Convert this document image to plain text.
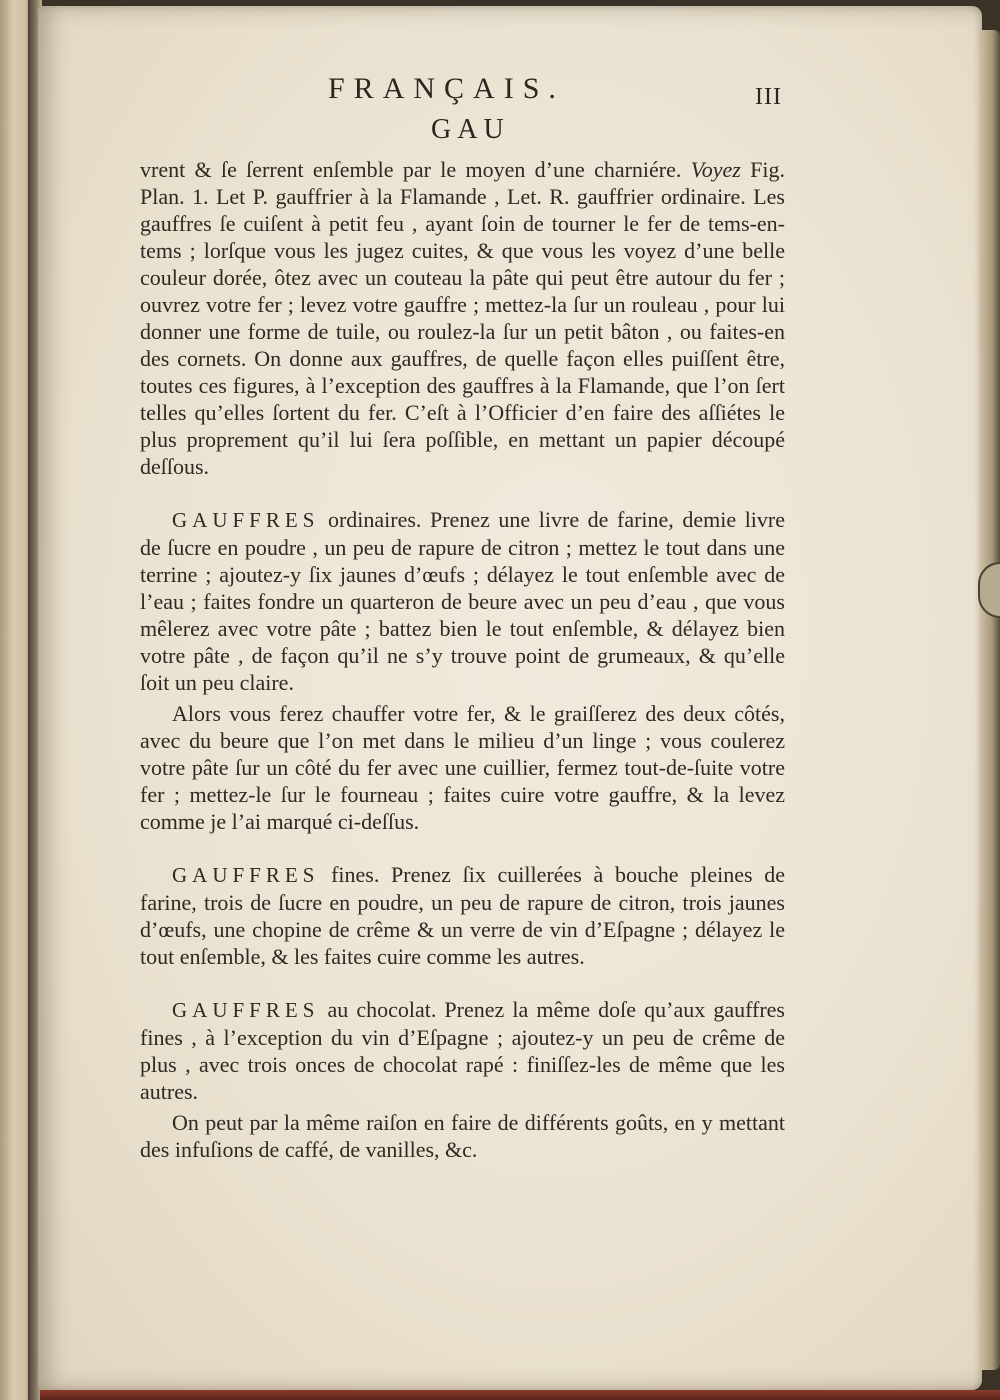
FRANÇAIS.
GAU
III

vrent & ſe ſerrent enſemble par le moyen d’une charniére. Voyez Fig. Plan. 1. Let P. gauffrier à la Flamande , Let. R. gauffrier ordinaire. Les gauffres ſe cuiſent à petit feu , ayant ſoin de tourner le fer de tems-en-tems ; lorſque vous les jugez cuites, & que vous les voyez d’une belle couleur dorée, ôtez avec un couteau la pâte qui peut être autour du fer ; ouvrez votre fer ; levez votre gauffre ; mettez-la ſur un rouleau , pour lui donner une forme de tuile, ou roulez-la ſur un petit bâton , ou faites-en des cornets. On donne aux gauffres, de quelle façon elles puiſſent être, toutes ces figures, à l’exception des gauffres à la Flamande, que l’on ſert telles qu’elles ſortent du fer. C’eſt à l’Officier d’en faire des aſſiétes le plus proprement qu’il lui ſera poſſible, en mettant un papier découpé deſſous.

GAUFFRES ordinaires. Prenez une livre de farine, demie livre de ſucre en poudre , un peu de rapure de citron ; mettez le tout dans une terrine ; ajoutez-y ſix jaunes d’œufs ; délayez le tout enſemble avec de l’eau ; faites fondre un quarteron de beure avec un peu d’eau , que vous mêlerez avec votre pâte ; battez bien le tout enſemble, & délayez bien votre pâte , de façon qu’il ne s’y trouve point de grumeaux, & qu’elle ſoit un peu claire.

Alors vous ferez chauffer votre fer, & le graiſſerez des deux côtés, avec du beure que l’on met dans le milieu d’un linge ; vous coulerez votre pâte ſur un côté du fer avec une cuillier, fermez tout-de-ſuite votre fer ; mettez-le ſur le fourneau ; faites cuire votre gauffre, & la levez comme je l’ai marqué ci-deſſus.

GAUFFRES fines. Prenez ſix cuillerées à bouche pleines de farine, trois de ſucre en poudre, un peu de rapure de citron, trois jaunes d’œufs, une chopine de crême & un verre de vin d’Eſpagne ; délayez le tout enſemble, & les faites cuire comme les autres.

GAUFFRES au chocolat. Prenez la même doſe qu’aux gauffres fines , à l’exception du vin d’Eſpagne ; ajoutez-y un peu de crême de plus , avec trois onces de chocolat rapé : finiſſez-les de même que les autres.

On peut par la même raiſon en faire de différents goûts, en y mettant des infuſions de caffé, de vanilles, &c.
